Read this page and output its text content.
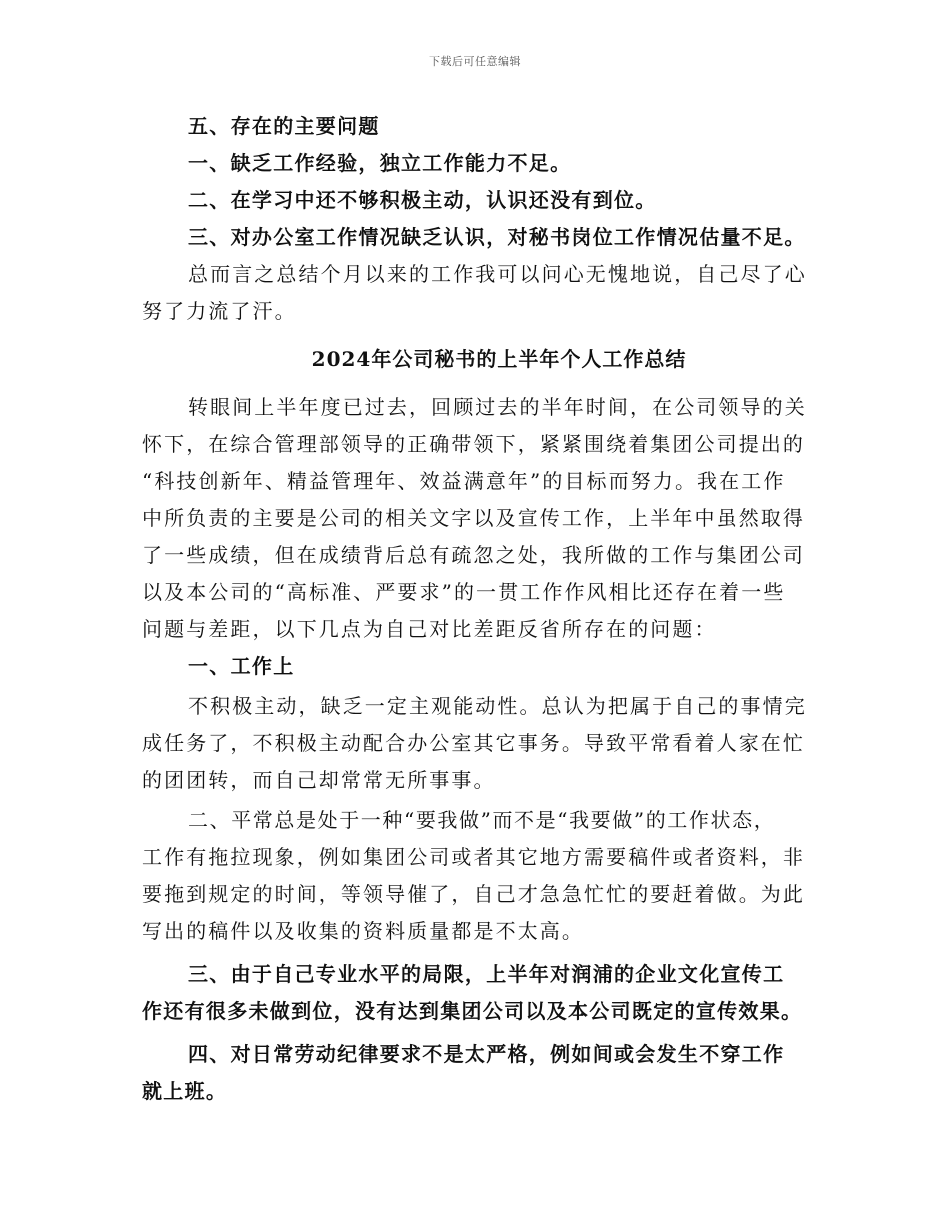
下载后可任意编辑
五、存在的主要问题
一、缺乏工作经验，独立工作能力不足。
二、在学习中还不够积极主动，认识还没有到位。
三、对办公室工作情况缺乏认识，对秘书岗位工作情况估量不足。
总而言之总结个月以来的工作我可以问心无愧地说，自己尽了心
努了力流了汗。
2024年公司秘书的上半年个人工作总结
转眼间上半年度已过去，回顾过去的半年时间，在公司领导的关
怀下，在综合管理部领导的正确带领下，紧紧围绕着集团公司提出的
“科技创新年、精益管理年、效益满意年”的目标而努力。我在工作
中所负责的主要是公司的相关文字以及宣传工作，上半年中虽然取得
了一些成绩，但在成绩背后总有疏忽之处，我所做的工作与集团公司
以及本公司的“高标准、严要求”的一贯工作作风相比还存在着一些
问题与差距，以下几点为自己对比差距反省所存在的问题：
一、工作上
不积极主动，缺乏一定主观能动性。总认为把属于自己的事情完
成任务了，不积极主动配合办公室其它事务。导致平常看着人家在忙
的团团转，而自己却常常无所事事。
二、平常总是处于一种“要我做”而不是“我要做”的工作状态，
工作有拖拉现象，例如集团公司或者其它地方需要稿件或者资料，非
要拖到规定的时间，等领导催了，自己才急急忙忙的要赶着做。为此
写出的稿件以及收集的资料质量都是不太高。
三、由于自己专业水平的局限，上半年对润浦的企业文化宣传工
作还有很多未做到位，没有达到集团公司以及本公司既定的宣传效果。
四、对日常劳动纪律要求不是太严格，例如间或会发生不穿工作
就上班。
